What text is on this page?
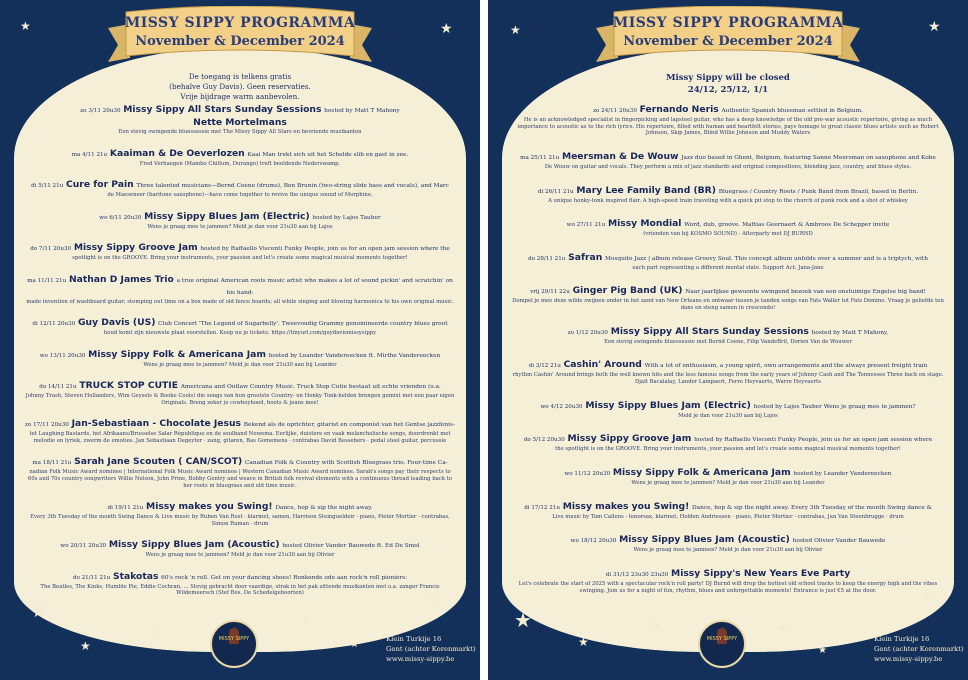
★	★
★
★
★	★
★
★
MISSY SIPPY PROGRAMMA
November & December 2024
De toegang is telkens gratis
(behalve Guy Davis). Geen reservaties.
Vrije bijdrage warm aanbevolen.
zo 3/11 20u30 Missy Sippy All Stars Sunday Sessions hosted by Matt T Mahony
Nette Mortelmans
Een stevig swingende bluessessie met The Missy Sippy All Stars en bevriende muzikanten
ma 4/11 21u Kaaiman & De Oeverlozen Kaai Man trekt sich uit het Schelde slib en gast in zee.
Fred Verhaegen (Mambo Chillum, Durango) treft beeldende Nederswamp.
di 5/11 21u Cure for Pain Three talented musicians—Bernd Coene (drums), Ben Brunin (two-string slide bass and vocals), and Marc
de Maeseneer (baritone saxophone)—have come together to revive the unique sound of Morphine.
wo 6/11 20u30 Missy Sippy Blues Jam (Electric) hosted by Lajos Tauber
Wens je graag mee te jammen? Meld je dan voor 21u30 aan bij Lajos
do 7/11 20u30 Missy Sippy Groove Jam hosted by Raffaello Visconti Funky People, join us for an open jam session where the
spotlight is on the GROOVE. Bring your instruments, your passion and let's create some magical musical moments together!
ma 11/11 21u Nathan D James Trio a true original American roots music artist who makes a lot of sound pickin' and scratchin' on his hand-
made invention of washboard guitar; stomping out time on a box made of old fence boards; all while singing and blowing harmonica to his own original music.
di 12/11 20u30 Guy Davis (US) Club Concert 'The Legend of Sugarbelly'. Tweevoudig Grammy genomineerde country blues groot
houd komt zijn nieuwste plaat voorstellen. Koop nu je tickets: https://tinyurl.com/guydavismissysippy
wo 13/11 20u30 Missy Sippy Folk & Americana Jam hosted by Leander Vandereecken ft. Mirthe Vandereecken
Wens je graag mee te jammen? Meld je dan voor 21u30 aan bij Leander
do 14/11 21u TRUCK STOP CUTIE Americana and Outlaw Country Music. Truck Stop Cutie bestaat uit echte vrienden (o.a.
Johnny Trash, Steven Hollanders, Wim Geysels & Booke Cools) die songs van hun grootste Country- en Honky Tonk-helden brengen gemixt met een paar eigen Originals. Breng zeker je cowboyhoed, boots & jeans mee!
zo 17/11 20u30 Jan-Sebastiaan - Chocolate Jesus Bekend als de oprichter, gitarist en componist van het Gentse jazzfenis-
tet Laughing Bastards, het Afrikaans/Brusselse Salar République en de soulband Nowema. Eerlijke, duistere en vaak melancholische songs, doordrenkt met melodie en lyriek, zwerm de emoties. Jan Sebastiaan Degeyter · zang, gitaren, Bas Gomemens · contrabas David Bessebers · pedal steel guitar, percussie
ma 18/11 21u Sarah Jane Scouten ( CAN/SCOT) Canadian Folk & Country with Scottish Bluegrass trio. Four-time Ca-
nadian Folk Music Award nominee | International Folk Music Award nominee | Western Canadian Music Award nominee. Sarah's songs pay their respects to 60s and 70s country songwriters Willie Nelson, John Prine, Bobby Gentry and weave in British folk revival elements with a continuous thread leading back to her roots in bluegrass and old time music.
di 19/11 21u Missy makes you Swing! Dance, hop & sip the night away.
Every 3th Tuesday of the month Swing Dance & Live music by Ruben Van Rost · klarinet, samen, Harrison Steingueldeir · piano, Pieter Mortier · contrabas, Simon Raman · drum
wo 20/11 20u30 Missy Sippy Blues Jam (Acoustic) hosted Olivier Vander Bauwede ft. Ed De Smol
Wens je graag mee te jammen? Meld je dan voor 21u30 aan bij Olivier
do 21/11 21u Stakotas 60's rock 'n roll. Get on your dancing shoes! Ronkende ode aan rock'n roll pioniers:
The Beatles, The Kinks, Humble Pie, Eddie Cochran, ... Stevig gebracht door vaardige, strak in het pak zittende muzikanten met o.a. zanger Francis Wildemeersch (Stef Bos, De Schedelgeboorten)
MISSY SIPPY	Klein Turkije 16
Gent (achter Korenmarkt)
www.missy-sippy.be
★	★
★
★
★	★
★
★
MISSY SIPPY PROGRAMMA
November & December 2024
Missy Sippy will be closed
24/12, 25/12, 1/1
zo 24/11 20u30 Fernando Neris Authentic Spanish bluesman settled in Belgium.
He is an acknowledged specialist in fingerpicking and lapsteel guitar, who has a deep knowledge of the old pre-war acoustic repertoire, giving as much importance to acoustic as to the rich lyrics. His repertoire, filled with human and heartfelt stories, pays homage to great classic blues artists such as Robert Johnson, Skip James, Blind Willie Johnson and Muddy Waters
ma 25/11 21u Meersman & De Wouw Jazz duo based in Ghent, Belgium, featuring Sanne Meersman on saxophone and Kobe
De Wouw on guitar and vocals. They perform a mix of jazz standards and original compositions, blending jazz, country, and blues styles.
di 26/11 21u Mary Lee Family Band (BR) Bluegrass / Country Roots / Punk Band from Brazil, based in Berlin.
A unique honky-tonk inspired flair. A high-speed train traveling with a quick pit stop to the church of punk rock and a shot of whiskey
wo 27/11 21u Missy Mondial Word, dub, groove. Mattias Geernaert & Ambroos De Schepper invite
(vrienden van bij KOSMO SOUND) - Afterparty met DJ BURND
do 28/11 21u Safran Mosquito Jazz | album release Groovy Soul. This concept album unfolds over a summer and is a triptych, with
each part representing a different mental state. Support Act: Jana-Jane
vrij 29/11 22u Ginger Pig Band (UK) Naar jaarlijkse gewoonte swingend bezoek van een onstuimige Engelse big band!
Dompel je mee deze wilde zwijnen onder in het zand van New Orleans en ontwaar tussen je tanden songs van Fats Waller tot Fats Domino. Vraag je geliefde ten dans en steng samen in crescendo!
zo 1/12 20u30 Missy Sippy All Stars Sunday Sessions hosted by Matt T Mahony,
Een stevig swingende bluessessie met Bernd Coene, Filip VandeBril, Dorien Van de Wouwer
di 3/12 21u Cashin' Around With a lot of enthusiasm, a young spirit, own arrangements and the always present freight train
rhythm Cashin' Around brings both the well known hits and the less famous songs from the early years of Johnny Cash and The Tennessee Three back on stage. Djalt Bacalalay, Lander Lampaert, Ferre Heyvaerts, Warre Heyvaerts
wo 4/12 20u30 Missy Sippy Blues Jam (Electric) hosted by Lajos Tauber Wens je graag mee te jammen?
Meld je dan voor 21u30 aan bij Lajos
do 5/12 20u30 Missy Sippy Groove Jam hosted by Raffaello Visconti Funky People, join us for an open jam session where
the spotlight is on the GROOVE. Bring your instruments, your passion and let's create some magical musical moments together!
wo 11/12 20u30 Missy Sippy Folk & Americana Jam hosted by Leander Vandereecken
Wens je graag mee te jammen? Meld je dan voor 21u30 aan bij Leander
di 17/12 21u Missy makes you Swing! Dance, hop & sip the night away. Every 3th Tuesday of the month Swing dance &
Live music by Tom Callens · tenorsax, klarinet, Holden Andriessen · piano, Pieter Mortier · contrabas, Jan Van Steenbrugge · drum
wo 18/12 20u30 Missy Sippy Blues Jam (Acoustic) hosted Olivier Vander Bauwede
Wens je graag mee te jammen? Meld je dan voor 21u30 aan bij Olivier
di 31/12 23u30 23u30 Missy Sippy's New Years Eve Party
Let's celebrate the start of 2025 with a spectacular rock'n roll party! DJ Burnd will drop the hottest old school tracks to keep the energy high and the vibes swinging. Join us for a night of fun, rhythm, blues and unforgettable moments! Entrance is just €5 at the door.
MISSY SIPPY	Klein Turkije 16
Gent (achter Korenmarkt)
www.missy-sippy.be
